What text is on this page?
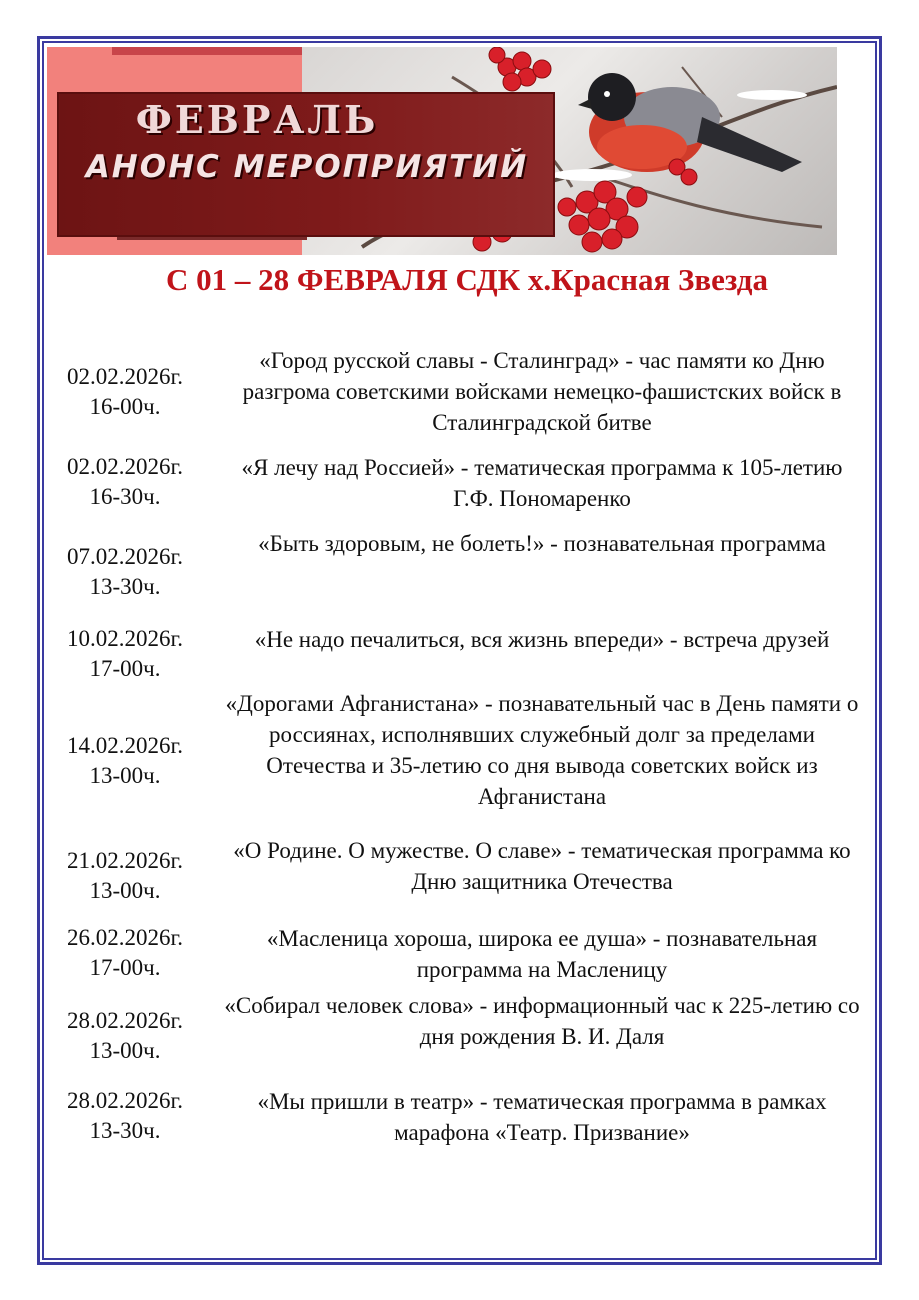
ФЕВРАЛЬ
АНОНС МЕРОПРИЯТИЙ
С 01 – 28 ФЕВРАЛЯ СДК х.Красная Звезда
02.02.2026г.
16-00ч.
«Город русской славы - Сталинград» - час памяти ко Дню разгрома советскими войсками немецко-фашистских войск в Сталинградской битве
02.02.2026г.
16-30ч.
«Я лечу над Россией» - тематическая программа к 105-летию Г.Ф. Пономаренко
07.02.2026г.
13-30ч.
«Быть здоровым, не болеть!» - познавательная программа
10.02.2026г.
17-00ч.
«Не надо печалиться, вся жизнь впереди» - встреча друзей
14.02.2026г.
13-00ч.
«Дорогами Афганистана» - познавательный час в День памяти о россиянах, исполнявших служебный долг за пределами Отечества и 35-летию со дня вывода советских войск из Афганистана
21.02.2026г.
13-00ч.
«О Родине. О мужестве. О славе» - тематическая программа ко Дню защитника Отечества
26.02.2026г.
17-00ч.
«Масленица хороша, широка ее душа» - познавательная программа на Масленицу
28.02.2026г.
13-00ч.
«Собирал человек слова» - информационный час к 225-летию со дня рождения В. И. Даля
28.02.2026г.
13-30ч.
«Мы пришли в театр» - тематическая программа в рамках марафона «Театр. Призвание»
